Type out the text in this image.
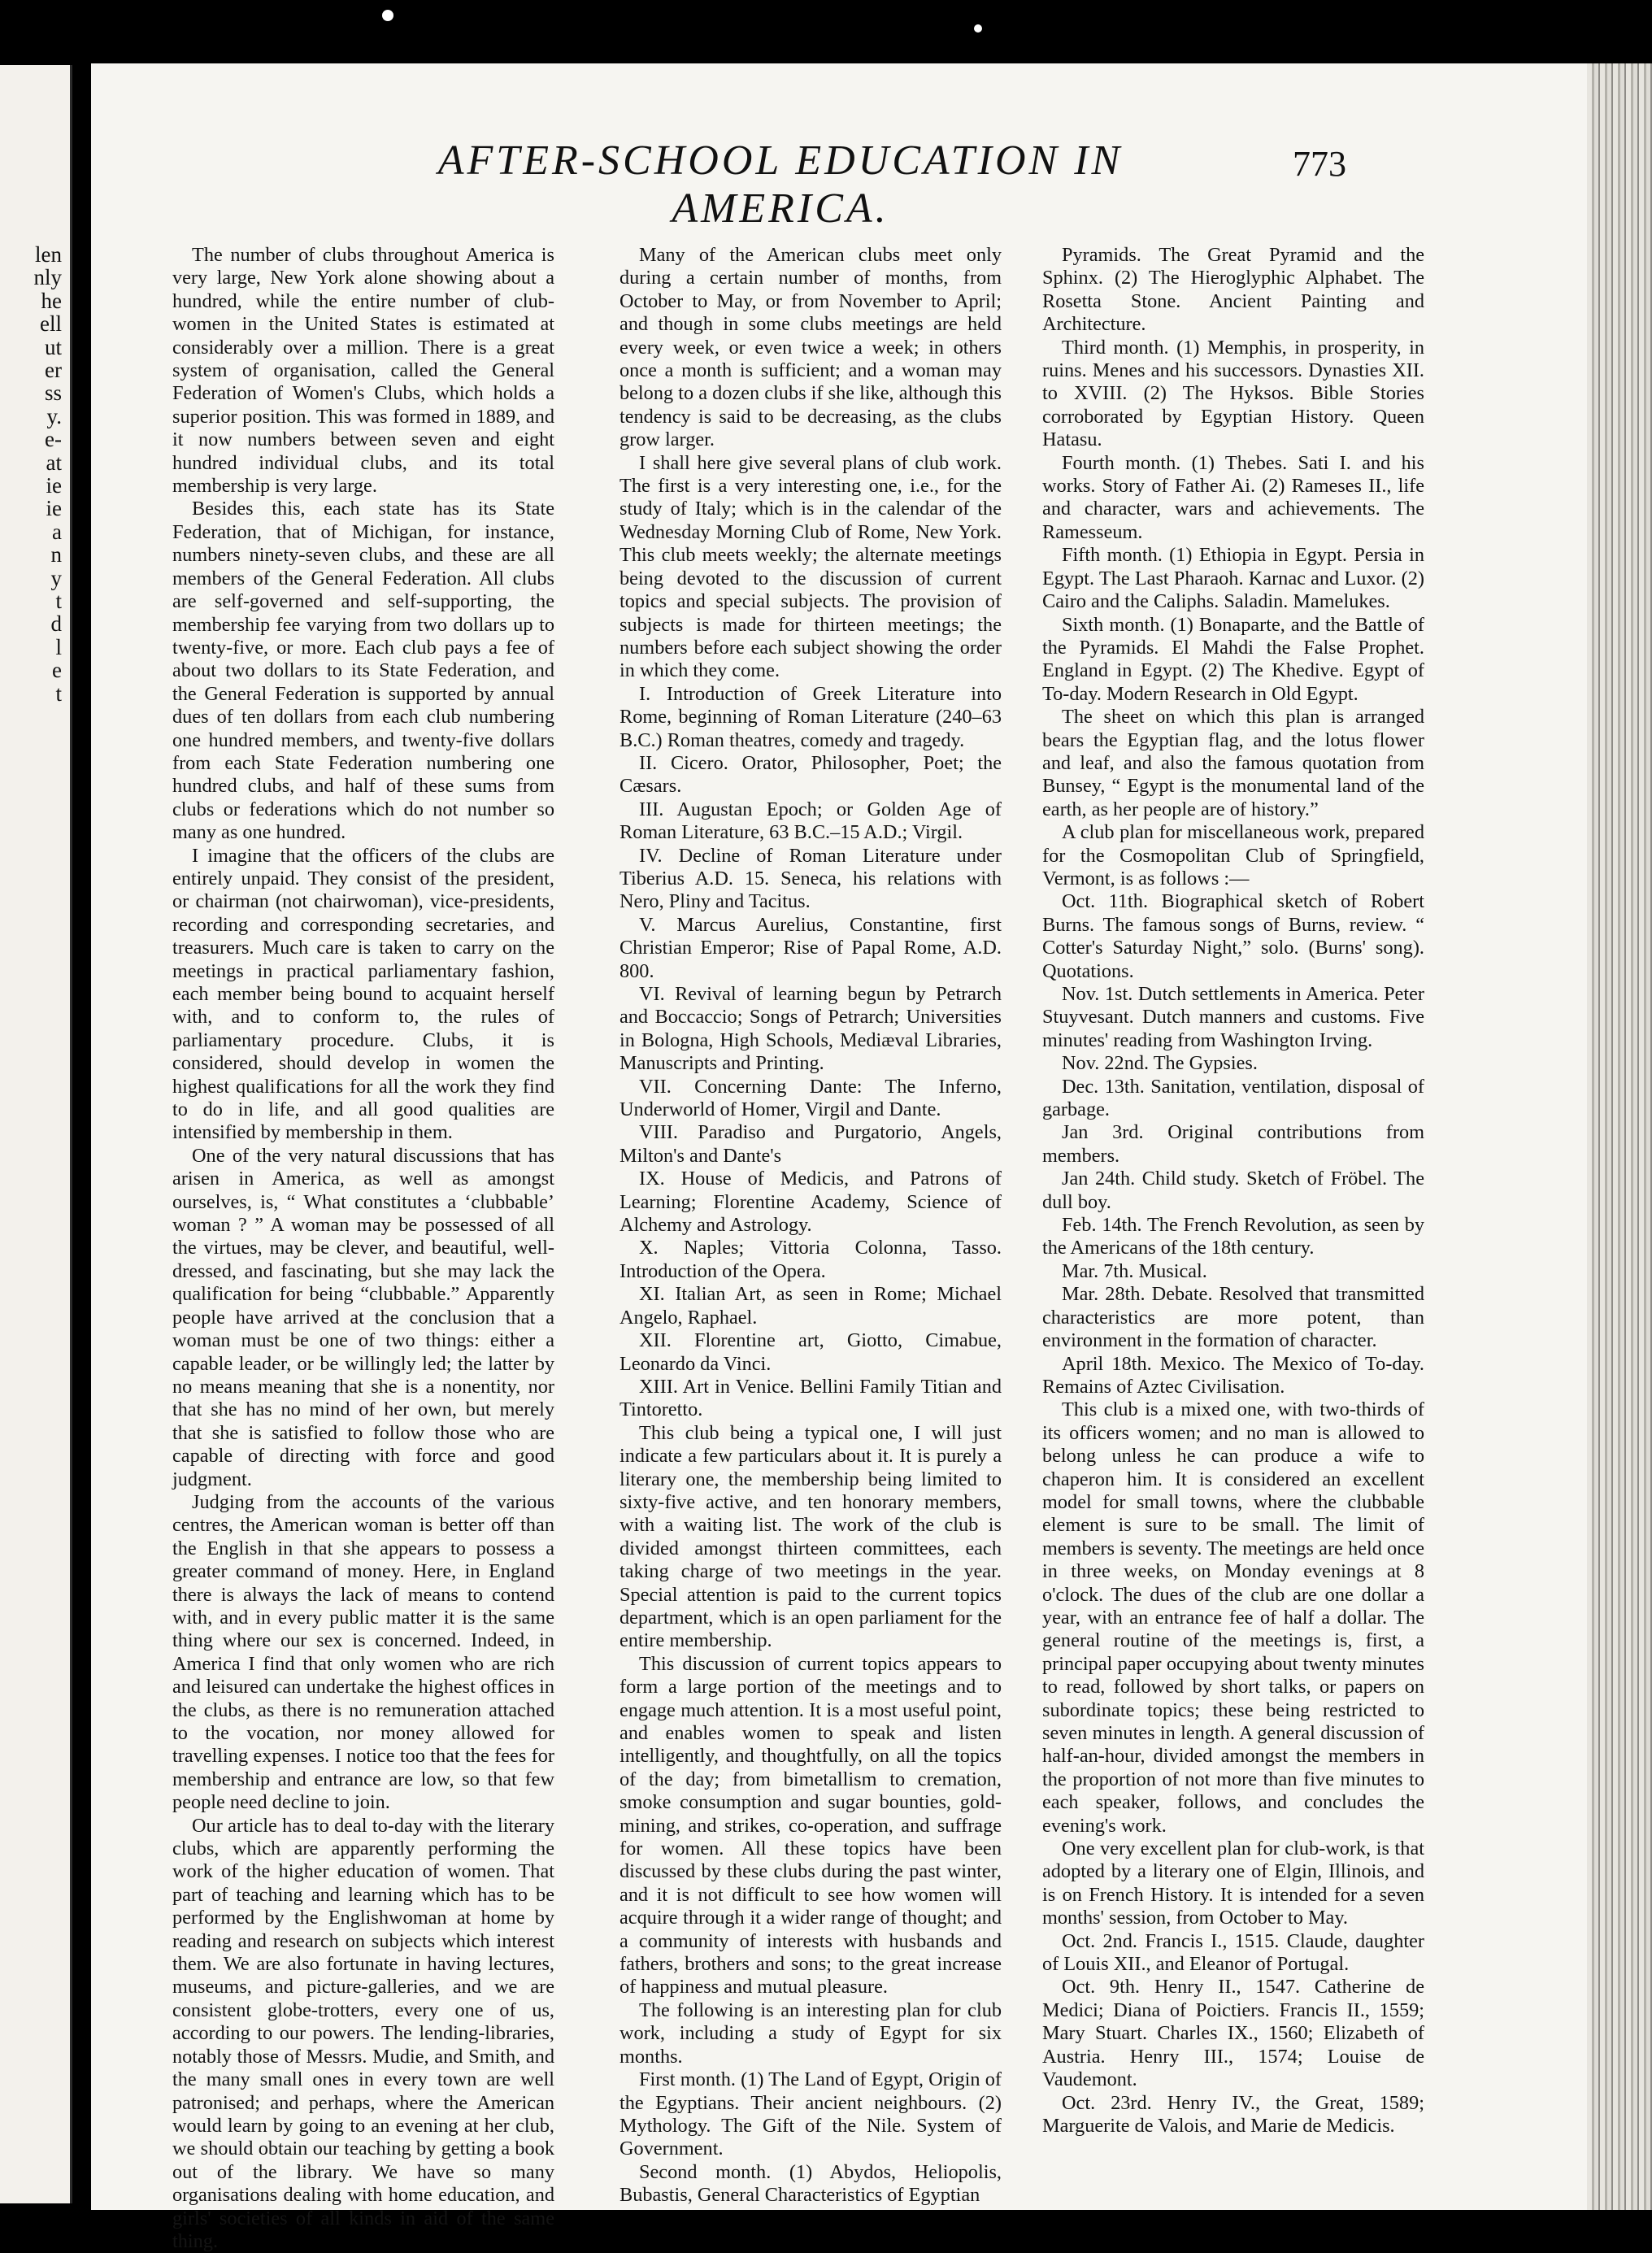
len
nly
he
ell
ut
er
ss
y.
e-
at
ie
ie
a
n
y
t
d
l
e
t
AFTER-SCHOOL EDUCATION IN AMERICA.
773

The number of clubs throughout America is very large, New York alone showing about a hundred, while the entire number of club-women in the United States is estimated at considerably over a million. There is a great system of organisation, called the General Federation of Women's Clubs, which holds a superior position. This was formed in 1889, and it now numbers between seven and eight hundred individual clubs, and its total membership is very large.

Besides this, each state has its State Federation, that of Michigan, for instance, numbers ninety-seven clubs, and these are all members of the General Federation. All clubs are self-governed and self-supporting, the membership fee varying from two dollars up to twenty-five, or more. Each club pays a fee of about two dollars to its State Federation, and the General Federation is supported by annual dues of ten dollars from each club numbering one hundred members, and twenty-five dollars from each State Federation numbering one hundred clubs, and half of these sums from clubs or federations which do not number so many as one hundred.

I imagine that the officers of the clubs are entirely unpaid. They consist of the president, or chairman (not chairwoman), vice-presidents, recording and corresponding secretaries, and treasurers. Much care is taken to carry on the meetings in practical parliamentary fashion, each member being bound to acquaint herself with, and to conform to, the rules of parliamentary procedure. Clubs, it is considered, should develop in women the highest qualifications for all the work they find to do in life, and all good qualities are intensified by membership in them.

One of the very natural discussions that has arisen in America, as well as amongst ourselves, is, “ What constitutes a ‘clubbable’ woman ? ” A woman may be possessed of all the virtues, may be clever, and beautiful, well-dressed, and fascinating, but she may lack the qualification for being “clubbable.” Apparently people have arrived at the conclusion that a woman must be one of two things: either a capable leader, or be willingly led; the latter by no means meaning that she is a nonentity, nor that she has no mind of her own, but merely that she is satisfied to follow those who are capable of directing with force and good judgment.

Judging from the accounts of the various centres, the American woman is better off than the English in that she appears to possess a greater command of money. Here, in England there is always the lack of means to contend with, and in every public matter it is the same thing where our sex is concerned. Indeed, in America I find that only women who are rich and leisured can undertake the highest offices in the clubs, as there is no remuneration attached to the vocation, nor money allowed for travelling expenses. I notice too that the fees for membership and entrance are low, so that few people need decline to join.

Our article has to deal to-day with the literary clubs, which are apparently performing the work of the higher education of women. That part of teaching and learning which has to be performed by the Englishwoman at home by reading and research on subjects which interest them. We are also fortunate in having lectures, museums, and picture-galleries, and we are consistent globe-trotters, every one of us, according to our powers. The lending-libraries, notably those of Messrs. Mudie, and Smith, and the many small ones in every town are well patronised; and perhaps, where the American would learn by going to an evening at her club, we should obtain our teaching by getting a book out of the library. We have so many organisations dealing with home education, and girls' societies of all kinds in aid of the same thing.

Many of the American clubs meet only during a certain number of months, from October to May, or from November to April; and though in some clubs meetings are held every week, or even twice a week; in others once a month is sufficient; and a woman may belong to a dozen clubs if she like, although this tendency is said to be decreasing, as the clubs grow larger.

I shall here give several plans of club work. The first is a very interesting one, i.e., for the study of Italy; which is in the calendar of the Wednesday Morning Club of Rome, New York. This club meets weekly; the alternate meetings being devoted to the discussion of current topics and special subjects. The provision of subjects is made for thirteen meetings; the numbers before each subject showing the order in which they come.

I. Introduction of Greek Literature into Rome, beginning of Roman Literature (240–63 B.C.) Roman theatres, comedy and tragedy.

II. Cicero. Orator, Philosopher, Poet; the Cæsars.

III. Augustan Epoch; or Golden Age of Roman Literature, 63 B.C.–15 A.D.; Virgil.

IV. Decline of Roman Literature under Tiberius A.D. 15. Seneca, his relations with Nero, Pliny and Tacitus.

V. Marcus Aurelius, Constantine, first Christian Emperor; Rise of Papal Rome, A.D. 800.

VI. Revival of learning begun by Petrarch and Boccaccio; Songs of Petrarch; Universities in Bologna, High Schools, Mediæval Libraries, Manuscripts and Printing.

VII. Concerning Dante: The Inferno, Underworld of Homer, Virgil and Dante.

VIII. Paradiso and Purgatorio, Angels, Milton's and Dante's

IX. House of Medicis, and Patrons of Learning; Florentine Academy, Science of Alchemy and Astrology.

X. Naples; Vittoria Colonna, Tasso. Introduction of the Opera.

XI. Italian Art, as seen in Rome; Michael Angelo, Raphael.

XII. Florentine art, Giotto, Cimabue, Leonardo da Vinci.

XIII. Art in Venice. Bellini Family Titian and Tintoretto.

This club being a typical one, I will just indicate a few particulars about it. It is purely a literary one, the membership being limited to sixty-five active, and ten honorary members, with a waiting list. The work of the club is divided amongst thirteen committees, each taking charge of two meetings in the year. Special attention is paid to the current topics department, which is an open parliament for the entire membership.

This discussion of current topics appears to form a large portion of the meetings and to engage much attention. It is a most useful point, and enables women to speak and listen intelligently, and thoughtfully, on all the topics of the day; from bimetallism to cremation, smoke consumption and sugar bounties, gold-mining, and strikes, co-operation, and suffrage for women. All these topics have been discussed by these clubs during the past winter, and it is not difficult to see how women will acquire through it a wider range of thought; and a community of interests with husbands and fathers, brothers and sons; to the great increase of happiness and mutual pleasure.

The following is an interesting plan for club work, including a study of Egypt for six months.

First month. (1) The Land of Egypt, Origin of the Egyptians. Their ancient neighbours. (2) Mythology. The Gift of the Nile. System of Government.

Second month. (1) Abydos, Heliopolis, Bubastis, General Characteristics of Egyptian

Pyramids. The Great Pyramid and the Sphinx. (2) The Hieroglyphic Alphabet. The Rosetta Stone. Ancient Painting and Architecture.

Third month. (1) Memphis, in prosperity, in ruins. Menes and his successors. Dynasties XII. to XVIII. (2) The Hyksos. Bible Stories corroborated by Egyptian History. Queen Hatasu.

Fourth month. (1) Thebes. Sati I. and his works. Story of Father Ai. (2) Rameses II., life and character, wars and achievements. The Ramesseum.

Fifth month. (1) Ethiopia in Egypt. Persia in Egypt. The Last Pharaoh. Karnac and Luxor. (2) Cairo and the Caliphs. Saladin. Mamelukes.

Sixth month. (1) Bonaparte, and the Battle of the Pyramids. El Mahdi the False Prophet. England in Egypt. (2) The Khedive. Egypt of To-day. Modern Research in Old Egypt.

The sheet on which this plan is arranged bears the Egyptian flag, and the lotus flower and leaf, and also the famous quotation from Bunsey, “ Egypt is the monumental land of the earth, as her people are of history.”

A club plan for miscellaneous work, prepared for the Cosmopolitan Club of Springfield, Vermont, is as follows :—

Oct. 11th. Biographical sketch of Robert Burns. The famous songs of Burns, review. “ Cotter's Saturday Night,” solo. (Burns' song). Quotations.

Nov. 1st. Dutch settlements in America. Peter Stuyvesant. Dutch manners and customs. Five minutes' reading from Washington Irving.

Nov. 22nd. The Gypsies.

Dec. 13th. Sanitation, ventilation, disposal of garbage.

Jan 3rd. Original contributions from members.

Jan 24th. Child study. Sketch of Fröbel. The dull boy.

Feb. 14th. The French Revolution, as seen by the Americans of the 18th century.

Mar. 7th. Musical.

Mar. 28th. Debate. Resolved that transmitted characteristics are more potent, than environment in the formation of character.

April 18th. Mexico. The Mexico of To-day. Remains of Aztec Civilisation.

This club is a mixed one, with two-thirds of its officers women; and no man is allowed to belong unless he can produce a wife to chaperon him. It is considered an excellent model for small towns, where the clubbable element is sure to be small. The limit of members is seventy. The meetings are held once in three weeks, on Monday evenings at 8 o'clock. The dues of the club are one dollar a year, with an entrance fee of half a dollar. The general routine of the meetings is, first, a principal paper occupying about twenty minutes to read, followed by short talks, or papers on subordinate topics; these being restricted to seven minutes in length. A general discussion of half-an-hour, divided amongst the members in the proportion of not more than five minutes to each speaker, follows, and concludes the evening's work.

One very excellent plan for club-work, is that adopted by a literary one of Elgin, Illinois, and is on French History. It is intended for a seven months' session, from October to May.

Oct. 2nd. Francis I., 1515. Claude, daughter of Louis XII., and Eleanor of Portugal.

Oct. 9th. Henry II., 1547. Catherine de Medici; Diana of Poictiers. Francis II., 1559; Mary Stuart. Charles IX., 1560; Elizabeth of Austria. Henry III., 1574; Louise de Vaudemont.

Oct. 23rd. Henry IV., the Great, 1589; Marguerite de Valois, and Marie de Medicis.
